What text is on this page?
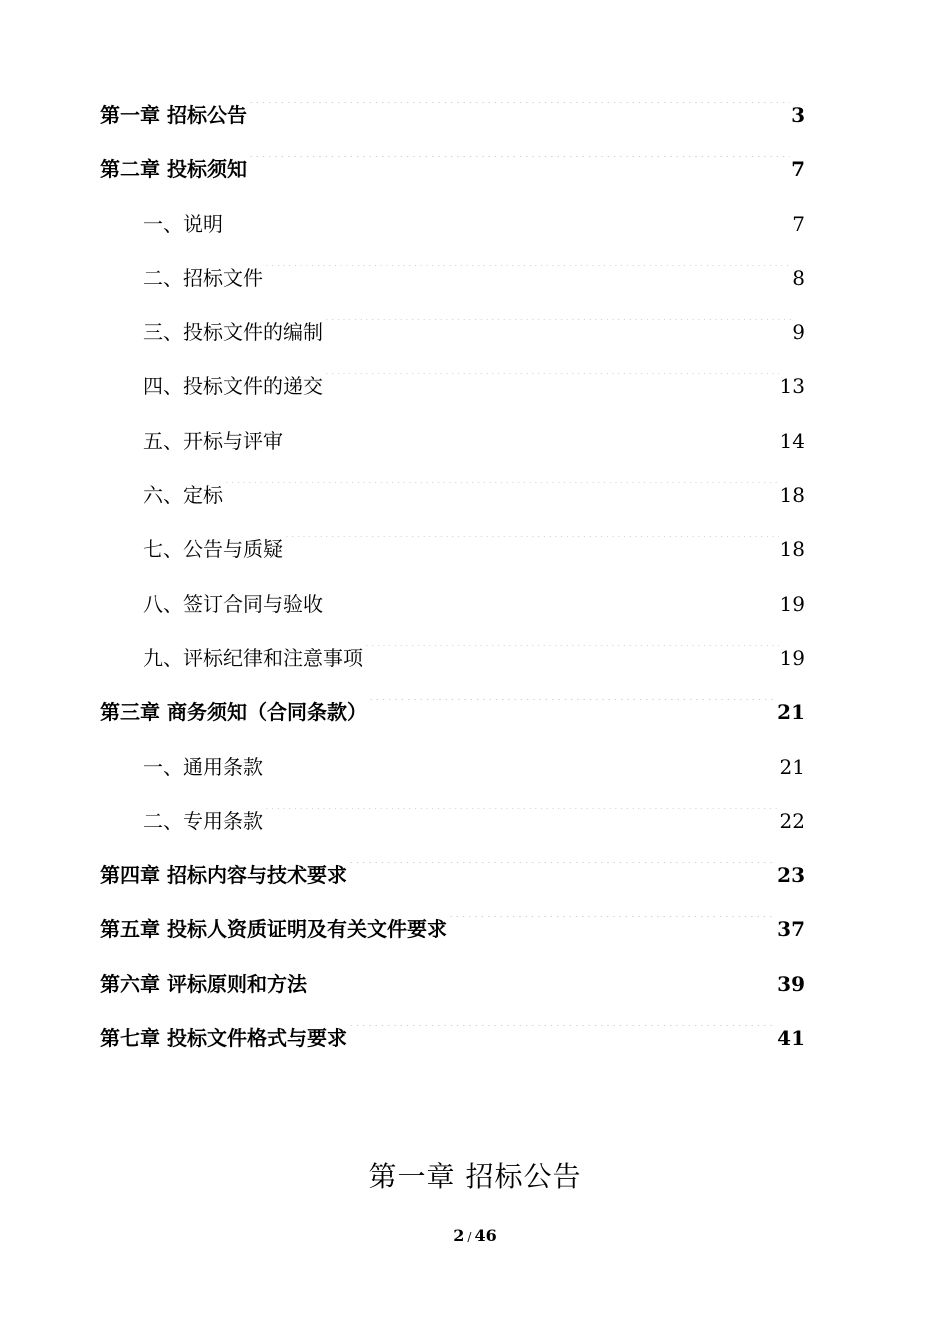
第一章 招标公告 .....	3
第二章 投标须知 .....	7
一、说明 .....	7
二、招标文件 .....	8
三、投标文件的编制 .....	9
四、投标文件的递交 .....	13
五、开标与评审 .....	14
六、定标 .....	18
七、公告与质疑 .....	18
八、签订合同与验收 .....	19
九、评标纪律和注意事项 .....	19
第三章 商务须知（合同条款） .....	21
一、通用条款 .....	21
二、专用条款 .....	22
第四章 招标内容与技术要求 .....	23
第五章 投标人资质证明及有关文件要求 .....	37
第六章 评标原则和方法 .....	39
第七章 投标文件格式与要求 .....	41
第一章 招标公告
2 / 46
